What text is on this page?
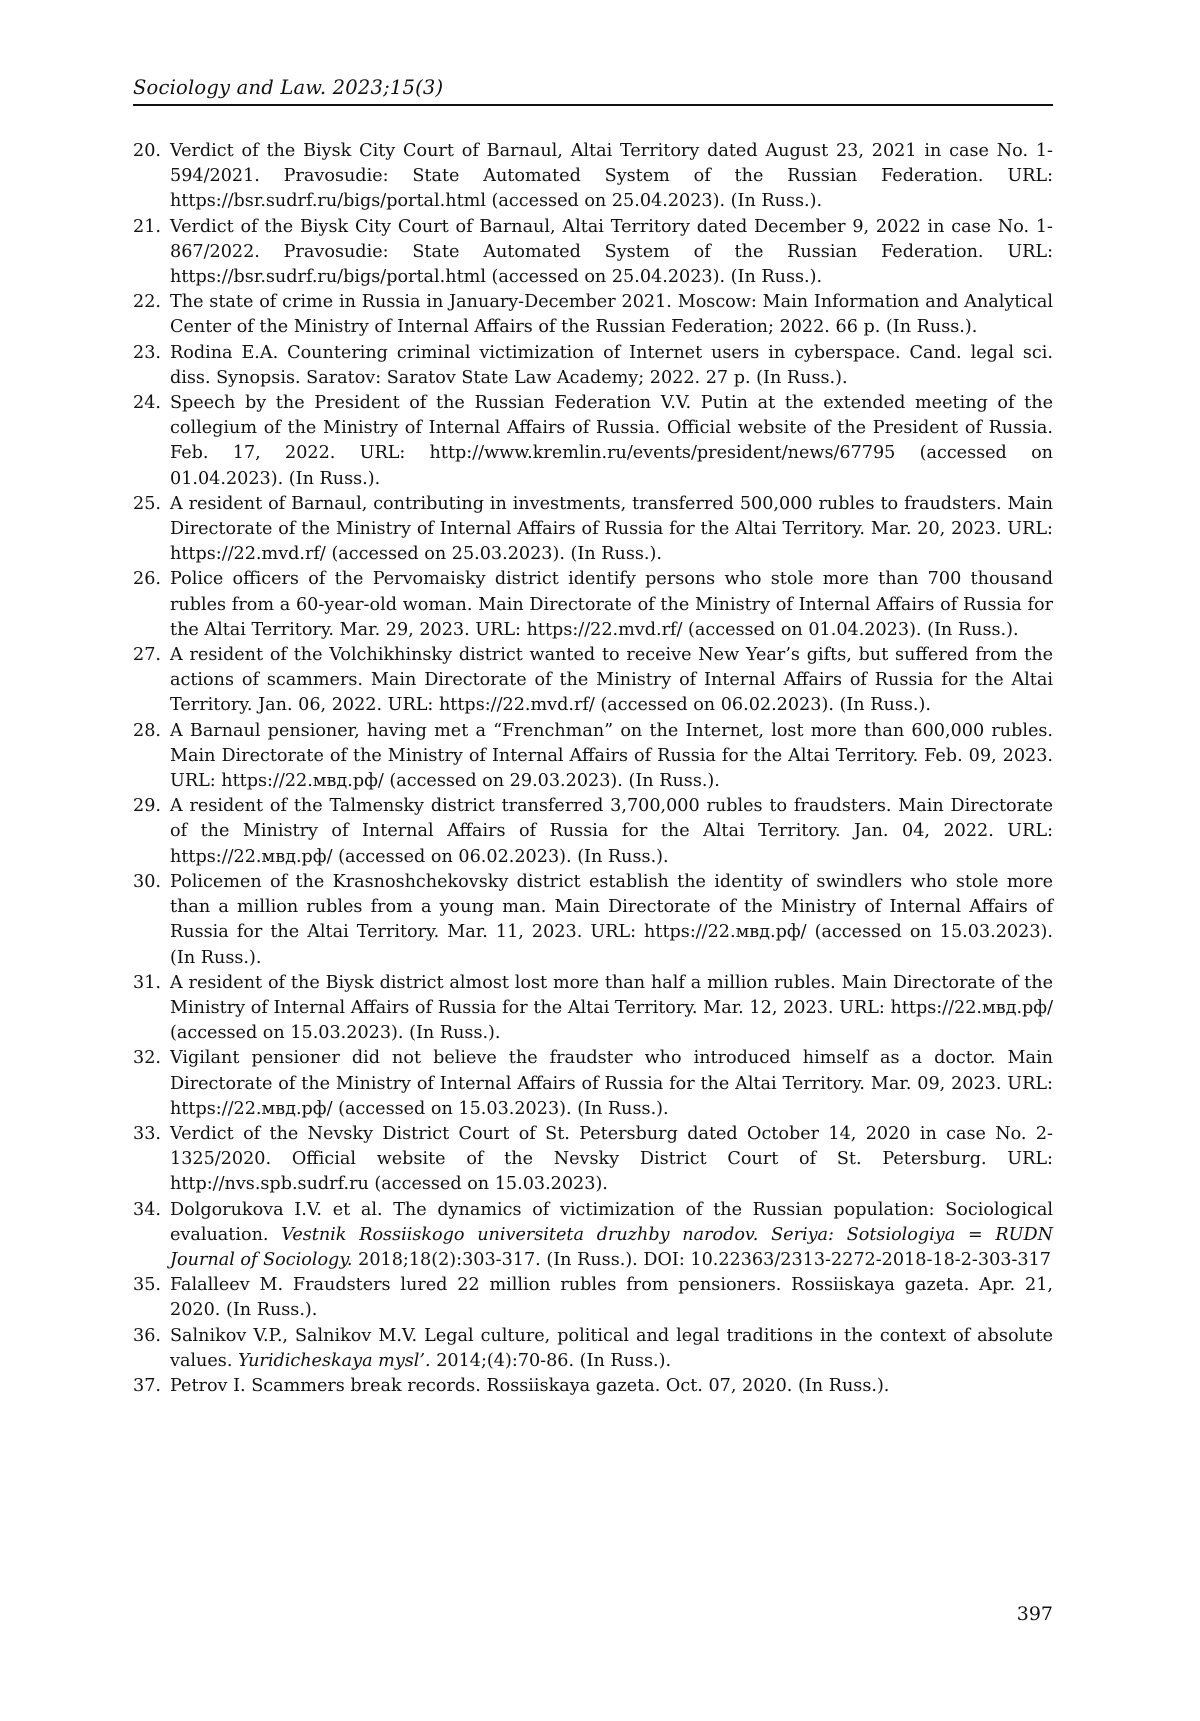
Sociology and Law. 2023;15(3)
20. Verdict of the Biysk City Court of Barnaul, Altai Territory dated August 23, 2021 in case No. 1-594/2021. Pravosudie: State Automated System of the Russian Federation. URL: https://bsr.sudrf.ru/bigs/portal.html (accessed on 25.04.2023). (In Russ.).
21. Verdict of the Biysk City Court of Barnaul, Altai Territory dated December 9, 2022 in case No. 1-867/2022. Pravosudie: State Automated System of the Russian Federation. URL: https://bsr.sudrf.ru/bigs/portal.html (accessed on 25.04.2023). (In Russ.).
22. The state of crime in Russia in January-December 2021. Moscow: Main Information and Analytical Center of the Ministry of Internal Affairs of the Russian Federation; 2022. 66 p. (In Russ.).
23. Rodina E.A. Countering criminal victimization of Internet users in cyberspace. Cand. legal sci. diss. Synopsis. Saratov: Saratov State Law Academy; 2022. 27 p. (In Russ.).
24. Speech by the President of the Russian Federation V.V. Putin at the extended meeting of the collegium of the Ministry of Internal Affairs of Russia. Official website of the President of Russia. Feb. 17, 2022. URL: http://www.kremlin.ru/events/president/news/67795 (accessed on 01.04.2023). (In Russ.).
25. A resident of Barnaul, contributing in investments, transferred 500,000 rubles to fraudsters. Main Directorate of the Ministry of Internal Affairs of Russia for the Altai Territory. Mar. 20, 2023. URL: https://22.mvd.rf/ (accessed on 25.03.2023). (In Russ.).
26. Police officers of the Pervomaisky district identify persons who stole more than 700 thousand rubles from a 60-year-old woman. Main Directorate of the Ministry of Internal Affairs of Russia for the Altai Territory. Mar. 29, 2023. URL: https://22.mvd.rf/ (accessed on 01.04.2023). (In Russ.).
27. A resident of the Volchikhinsky district wanted to receive New Year’s gifts, but suffered from the actions of scammers. Main Directorate of the Ministry of Internal Affairs of Russia for the Altai Territory. Jan. 06, 2022. URL: https://22.mvd.rf/ (accessed on 06.02.2023). (In Russ.).
28. A Barnaul pensioner, having met a “Frenchman” on the Internet, lost more than 600,000 rubles. Main Directorate of the Ministry of Internal Affairs of Russia for the Altai Territory. Feb. 09, 2023. URL: https://22.мвд.рф/ (accessed on 29.03.2023). (In Russ.).
29. A resident of the Talmensky district transferred 3,700,000 rubles to fraudsters. Main Directorate of the Ministry of Internal Affairs of Russia for the Altai Territory. Jan. 04, 2022. URL: https://22.мвд.рф/ (accessed on 06.02.2023). (In Russ.).
30. Policemen of the Krasnoshchekovsky district establish the identity of swindlers who stole more than a million rubles from a young man. Main Directorate of the Ministry of Internal Affairs of Russia for the Altai Territory. Mar. 11, 2023. URL: https://22.мвд.рф/ (accessed on 15.03.2023). (In Russ.).
31. A resident of the Biysk district almost lost more than half a million rubles. Main Directorate of the Ministry of Internal Affairs of Russia for the Altai Territory. Mar. 12, 2023. URL: https://22.мвд.рф/ (accessed on 15.03.2023). (In Russ.).
32. Vigilant pensioner did not believe the fraudster who introduced himself as a doctor. Main Directorate of the Ministry of Internal Affairs of Russia for the Altai Territory. Mar. 09, 2023. URL: https://22.мвд.рф/ (accessed on 15.03.2023). (In Russ.).
33. Verdict of the Nevsky District Court of St. Petersburg dated October 14, 2020 in case No. 2-1325/2020. Official website of the Nevsky District Court of St. Petersburg. URL: http://nvs.spb.sudrf.ru (accessed on 15.03.2023).
34. Dolgorukova I.V. et al. The dynamics of victimization of the Russian population: Sociological evaluation. Vestnik Rossiiskogo universiteta druzhby narodov. Seriya: Sotsiologiya = RUDN Journal of Sociology. 2018;18(2):303-317. (In Russ.). DOI: 10.22363/2313-2272-2018-18-2-303-317
35. Falalleev M. Fraudsters lured 22 million rubles from pensioners. Rossiiskaya gazeta. Apr. 21, 2020. (In Russ.).
36. Salnikov V.P., Salnikov M.V. Legal culture, political and legal traditions in the context of absolute values. Yuridicheskaya mysl’. 2014;(4):70-86. (In Russ.).
37. Petrov I. Scammers break records. Rossiiskaya gazeta. Oct. 07, 2020. (In Russ.).
397
